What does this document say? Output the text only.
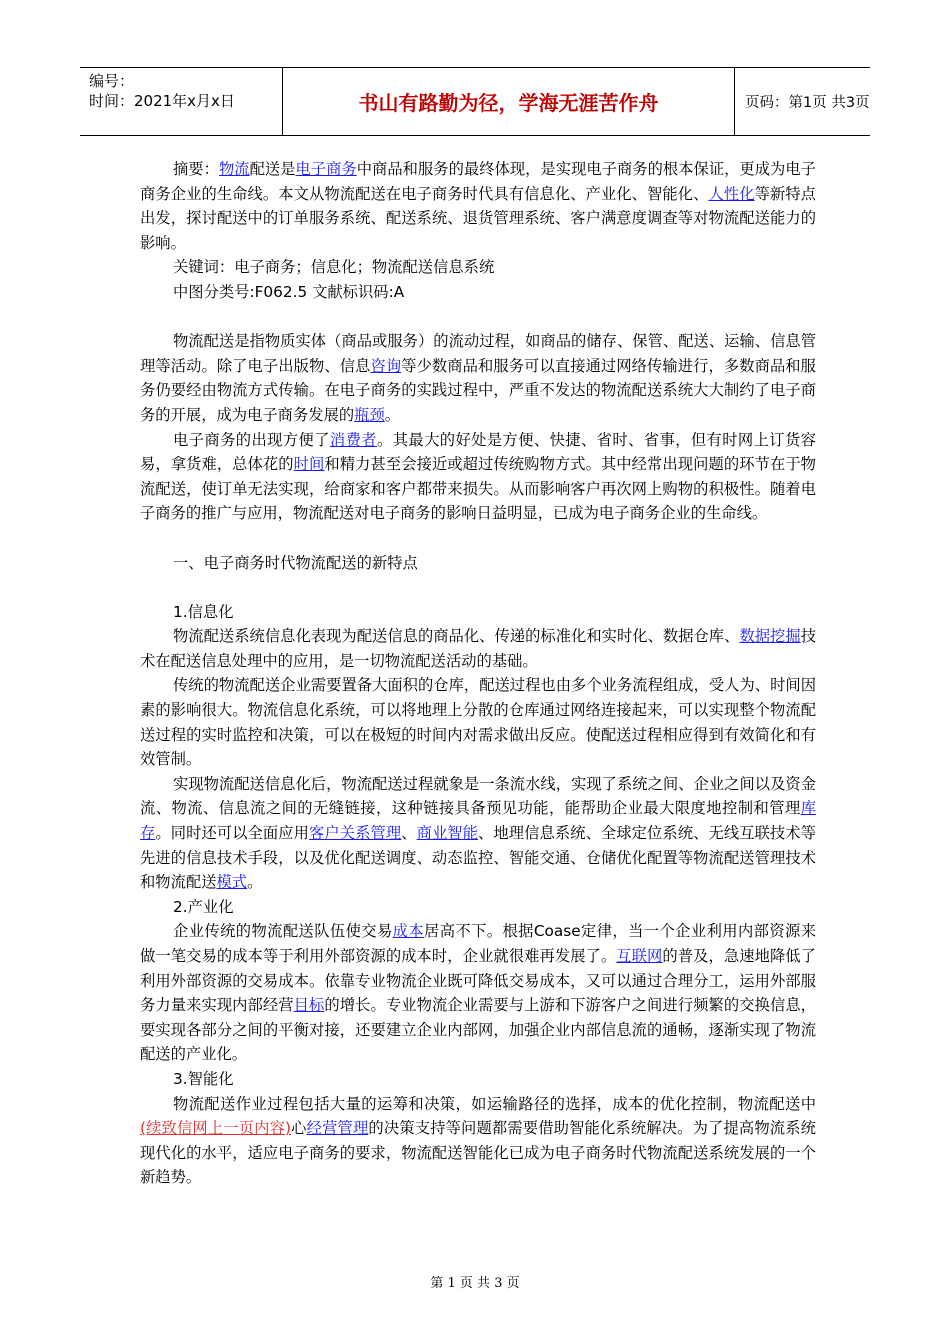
编号：
时间：2021年x月x日	书山有路勤为径，学海无涯苦作舟	页码：第1页 共3页

摘要：物流配送是电子商务中商品和服务的最终体现，是实现电子商务的根本保证，更成为电子商务企业的生命线。本文从物流配送在电子商务时代具有信息化、产业化、智能化、人性化等新特点出发，探讨配送中的订单服务系统、配送系统、退货管理系统、客户满意度调查等对物流配送能力的影响。

关键词：电子商务；信息化；物流配送信息系统

中图分类号:F062.5 文献标识码:A

物流配送是指物质实体（商品或服务）的流动过程，如商品的储存、保管、配送、运输、信息管理等活动。除了电子出版物、信息咨询等少数商品和服务可以直接通过网络传输进行，多数商品和服务仍要经由物流方式传输。在电子商务的实践过程中，严重不发达的物流配送系统大大制约了电子商务的开展，成为电子商务发展的瓶颈。

电子商务的出现方便了消费者。其最大的好处是方便、快捷、省时、省事，但有时网上订货容易，拿货难，总体花的时间和精力甚至会接近或超过传统购物方式。其中经常出现问题的环节在于物流配送，使订单无法实现，给商家和客户都带来损失。从而影响客户再次网上购物的积极性。随着电子商务的推广与应用，物流配送对电子商务的影响日益明显，已成为电子商务企业的生命线。

一、电子商务时代物流配送的新特点

1.信息化

物流配送系统信息化表现为配送信息的商品化、传递的标准化和实时化、数据仓库、数据挖掘技术在配送信息处理中的应用，是一切物流配送活动的基础。

传统的物流配送企业需要置备大面积的仓库，配送过程也由多个业务流程组成，受人为、时间因素的影响很大。物流信息化系统，可以将地理上分散的仓库通过网络连接起来，可以实现整个物流配送过程的实时监控和决策，可以在极短的时间内对需求做出反应。使配送过程相应得到有效简化和有效管制。

实现物流配送信息化后，物流配送过程就象是一条流水线，实现了系统之间、企业之间以及资金流、物流、信息流之间的无缝链接，这种链接具备预见功能，能帮助企业最大限度地控制和管理库存。同时还可以全面应用客户关系管理、商业智能、地理信息系统、全球定位系统、无线互联技术等先进的信息技术手段，以及优化配送调度、动态监控、智能交通、仓储优化配置等物流配送管理技术和物流配送模式。

2.产业化

企业传统的物流配送队伍使交易成本居高不下。根据Coase定律，当一个企业利用内部资源来做一笔交易的成本等于利用外部资源的成本时，企业就很难再发展了。互联网的普及，急速地降低了利用外部资源的交易成本。依靠专业物流企业既可降低交易成本，又可以通过合理分工，运用外部服务力量来实现内部经营目标的增长。专业物流企业需要与上游和下游客户之间进行频繁的交换信息，要实现各部分之间的平衡对接，还要建立企业内部网，加强企业内部信息流的通畅，逐渐实现了物流配送的产业化。

3.智能化

物流配送作业过程包括大量的运筹和决策，如运输路径的选择，成本的优化控制，物流配送中(续致信网上一页内容)心经营管理的决策支持等问题都需要借助智能化系统解决。为了提高物流系统现代化的水平，适应电子商务的要求，物流配送智能化已成为电子商务时代物流配送系统发展的一个新趋势。

第 1 页 共 3 页
